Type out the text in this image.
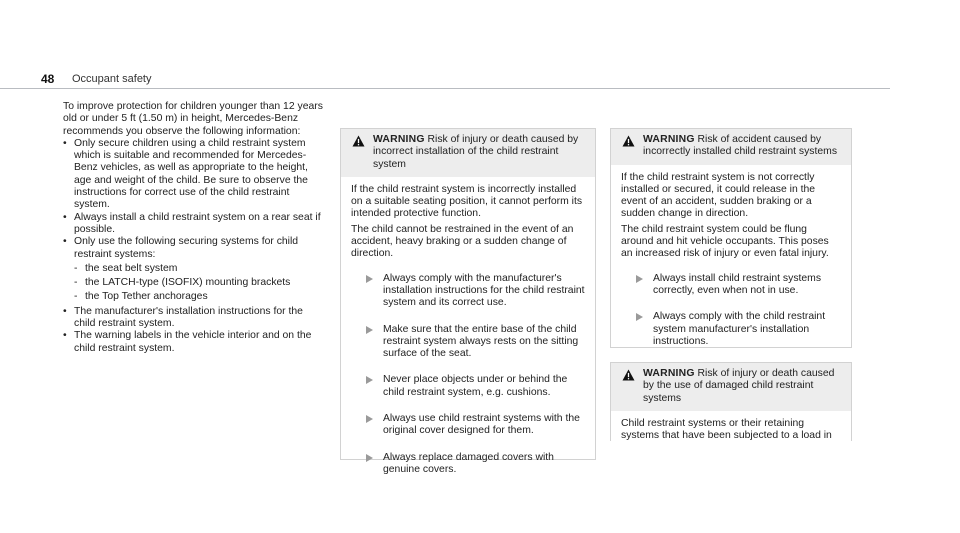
48 Occupant safety

To improve protection for children younger than 12 years old or under 5 ft (1.50 m) in height, Mercedes-Benz recommends you observe the following information:

• Only secure children using a child restraint system which is suitable and recommended for Mercedes-Benz vehicles, as well as appropriate to the height, age and weight of the child. Be sure to observe the instructions for correct use of the child restraint system.
• Always install a child restraint system on a rear seat if possible.
• Only use the following securing systems for child restraint systems:
- the seat belt system
- the LATCH-type (ISOFIX) mounting brackets
- the Top Tether anchorages
• The manufacturer's installation instructions for the child restraint system.
• The warning labels in the vehicle interior and on the child restraint system.
WARNING Risk of injury or death caused by incorrect installation of the child restraint system

If the child restraint system is incorrectly installed on a suitable seating position, it cannot perform its intended protective function.

The child cannot be restrained in the event of an accident, heavy braking or a sudden change of direction.

Always comply with the manufacturer's installation instructions for the child restraint system and its correct use.
Make sure that the entire base of the child restraint system always rests on the sitting surface of the seat.
Never place objects under or behind the child restraint system, e.g. cushions.
Always use child restraint systems with the original cover designed for them.
Always replace damaged covers with genuine covers.
WARNING Risk of accident caused by incorrectly installed child restraint systems

If the child restraint system is not correctly installed or secured, it could release in the event of an accident, sudden braking or a sudden change in direction.

The child restraint system could be flung around and hit vehicle occupants. This poses an increased risk of injury or even fatal injury.

Always install child restraint systems correctly, even when not in use.
Always comply with the child restraint system manufacturer's installation instructions.
WARNING Risk of injury or death caused by the use of damaged child restraint systems

Child restraint systems or their retaining systems that have been subjected to a load in
